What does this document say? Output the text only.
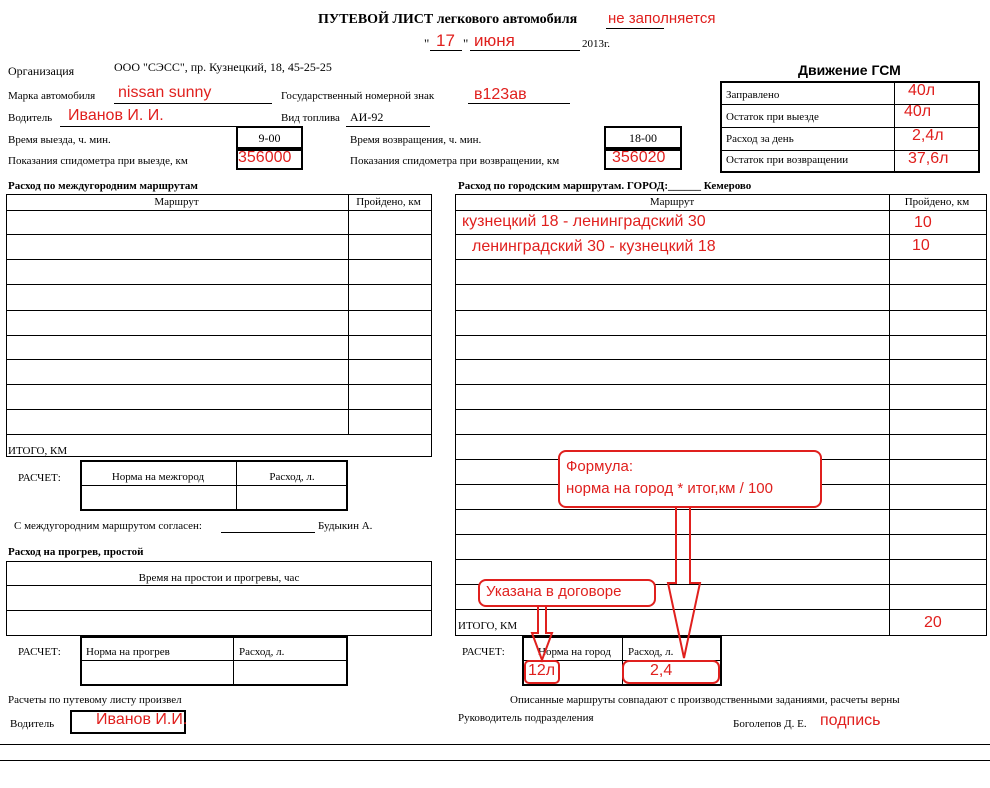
ПУТЕВОЙ ЛИСТ легкового автомобиля не заполняется
" 17 " июня	2013г.
Организация	ООО "СЭСС", пр. Кузнецкий, 18, 45-25-25
Марка автомобиля nissan sunny	Государственный номерной знак в123ав
Водитель Иванов И. И.	Вид топлива АИ-92
Время выезда, ч. мин.	9-00	Время возвращения, ч. мин.	18-00
Показания спидометра при выезде, км	356000	Показания спидометра при возвращении, км	356020
Движение ГСМ
Заправлено	40л
Остаток при выезде	40л
Расход за день	2,4л
Остаток при возвращении	37,6л
Расход по междугородним маршрутам
Маршрут	Пройдено, км
ИТОГО, КМ
РАСЧЕТ:	Норма на межгород	Расход, л.
С междугородним маршрутом согласен:	Будыкин А.
Расход на прогрев, простой
Время на простои и прогревы, час
РАСЧЕТ: Норма на прогрев	Расход, л.
Расход по городским маршрутам. ГОРОД:______ Кемерово
Маршрут	Пройдено, км
кузнецкий 18 - ленинградский 30	10
ленинградский 30 - кузнецкий 18	10
ИТОГО, КМ	20
РАСЧЕТ:	Норма на город Расход, л.
12л	2,4
Формула:
норма на город * итог,км / 100
Указана в договоре
Расчеты по путевому листу произвел
Водитель	Иванов И.И.
Описанные маршруты совпадают с производственными заданиями, расчеты верны
Руководитель подразделения	Боголепов Д. Е. подпись
